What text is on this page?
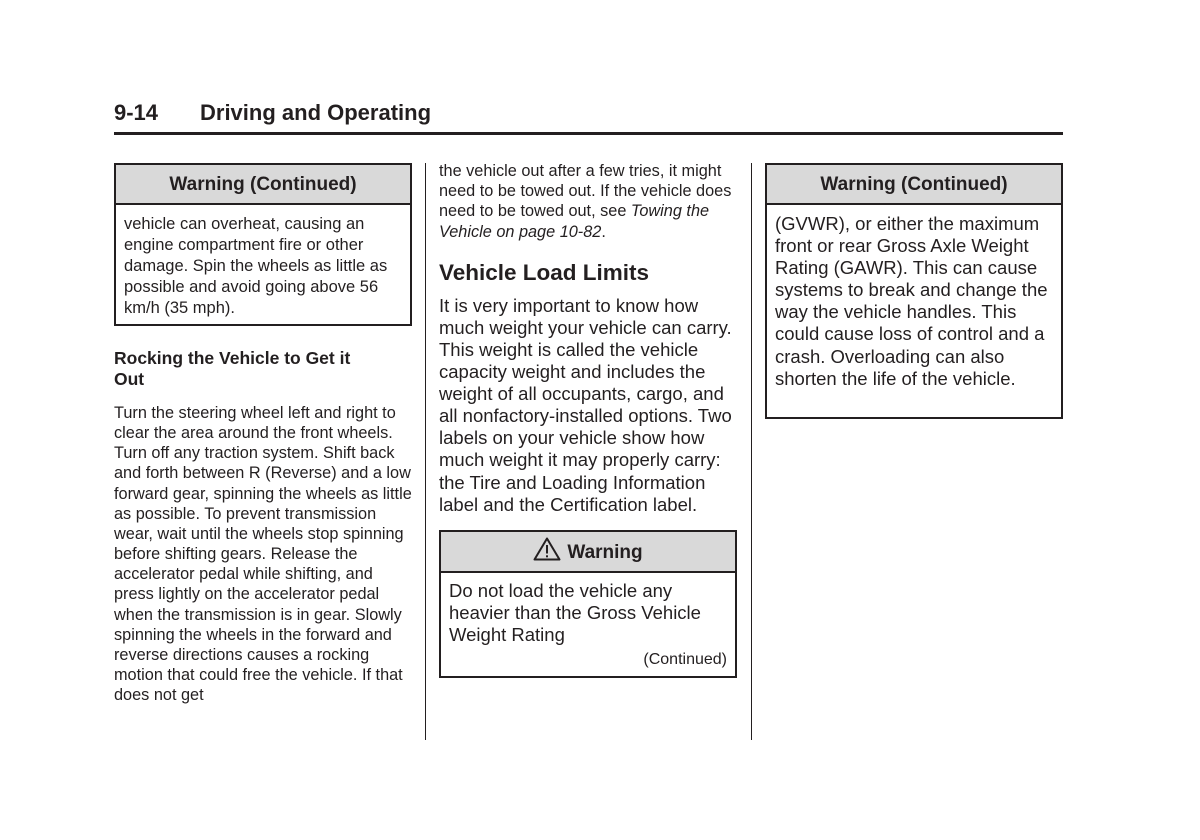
9-14 Driving and Operating
Warning (Continued)

vehicle can overheat, causing an engine compartment fire or other damage. Spin the wheels as little as possible and avoid going above 56 km/h (35 mph).

Rocking the Vehicle to Get it Out

Turn the steering wheel left and right to clear the area around the front wheels. Turn off any traction system. Shift back and forth between R (Reverse) and a low forward gear, spinning the wheels as little as possible. To prevent transmission wear, wait until the wheels stop spinning before shifting gears. Release the accelerator pedal while shifting, and press lightly on the accelerator pedal when the transmission is in gear. Slowly spinning the wheels in the forward and reverse directions causes a rocking motion that could free the vehicle. If that does not get

the vehicle out after a few tries, it might need to be towed out. If the vehicle does need to be towed out, see Towing the Vehicle on page 10-82.

Vehicle Load Limits

It is very important to know how much weight your vehicle can carry. This weight is called the vehicle capacity weight and includes the weight of all occupants, cargo, and all nonfactory-installed options. Two labels on your vehicle show how much weight it may properly carry: the Tire and Loading Information label and the Certification label.

Warning

Do not load the vehicle any heavier than the Gross Vehicle Weight Rating

(Continued)
Warning (Continued)

(GVWR), or either the maximum front or rear Gross Axle Weight Rating (GAWR). This can cause systems to break and change the way the vehicle handles. This could cause loss of control and a crash. Overloading can also shorten the life of the vehicle.
